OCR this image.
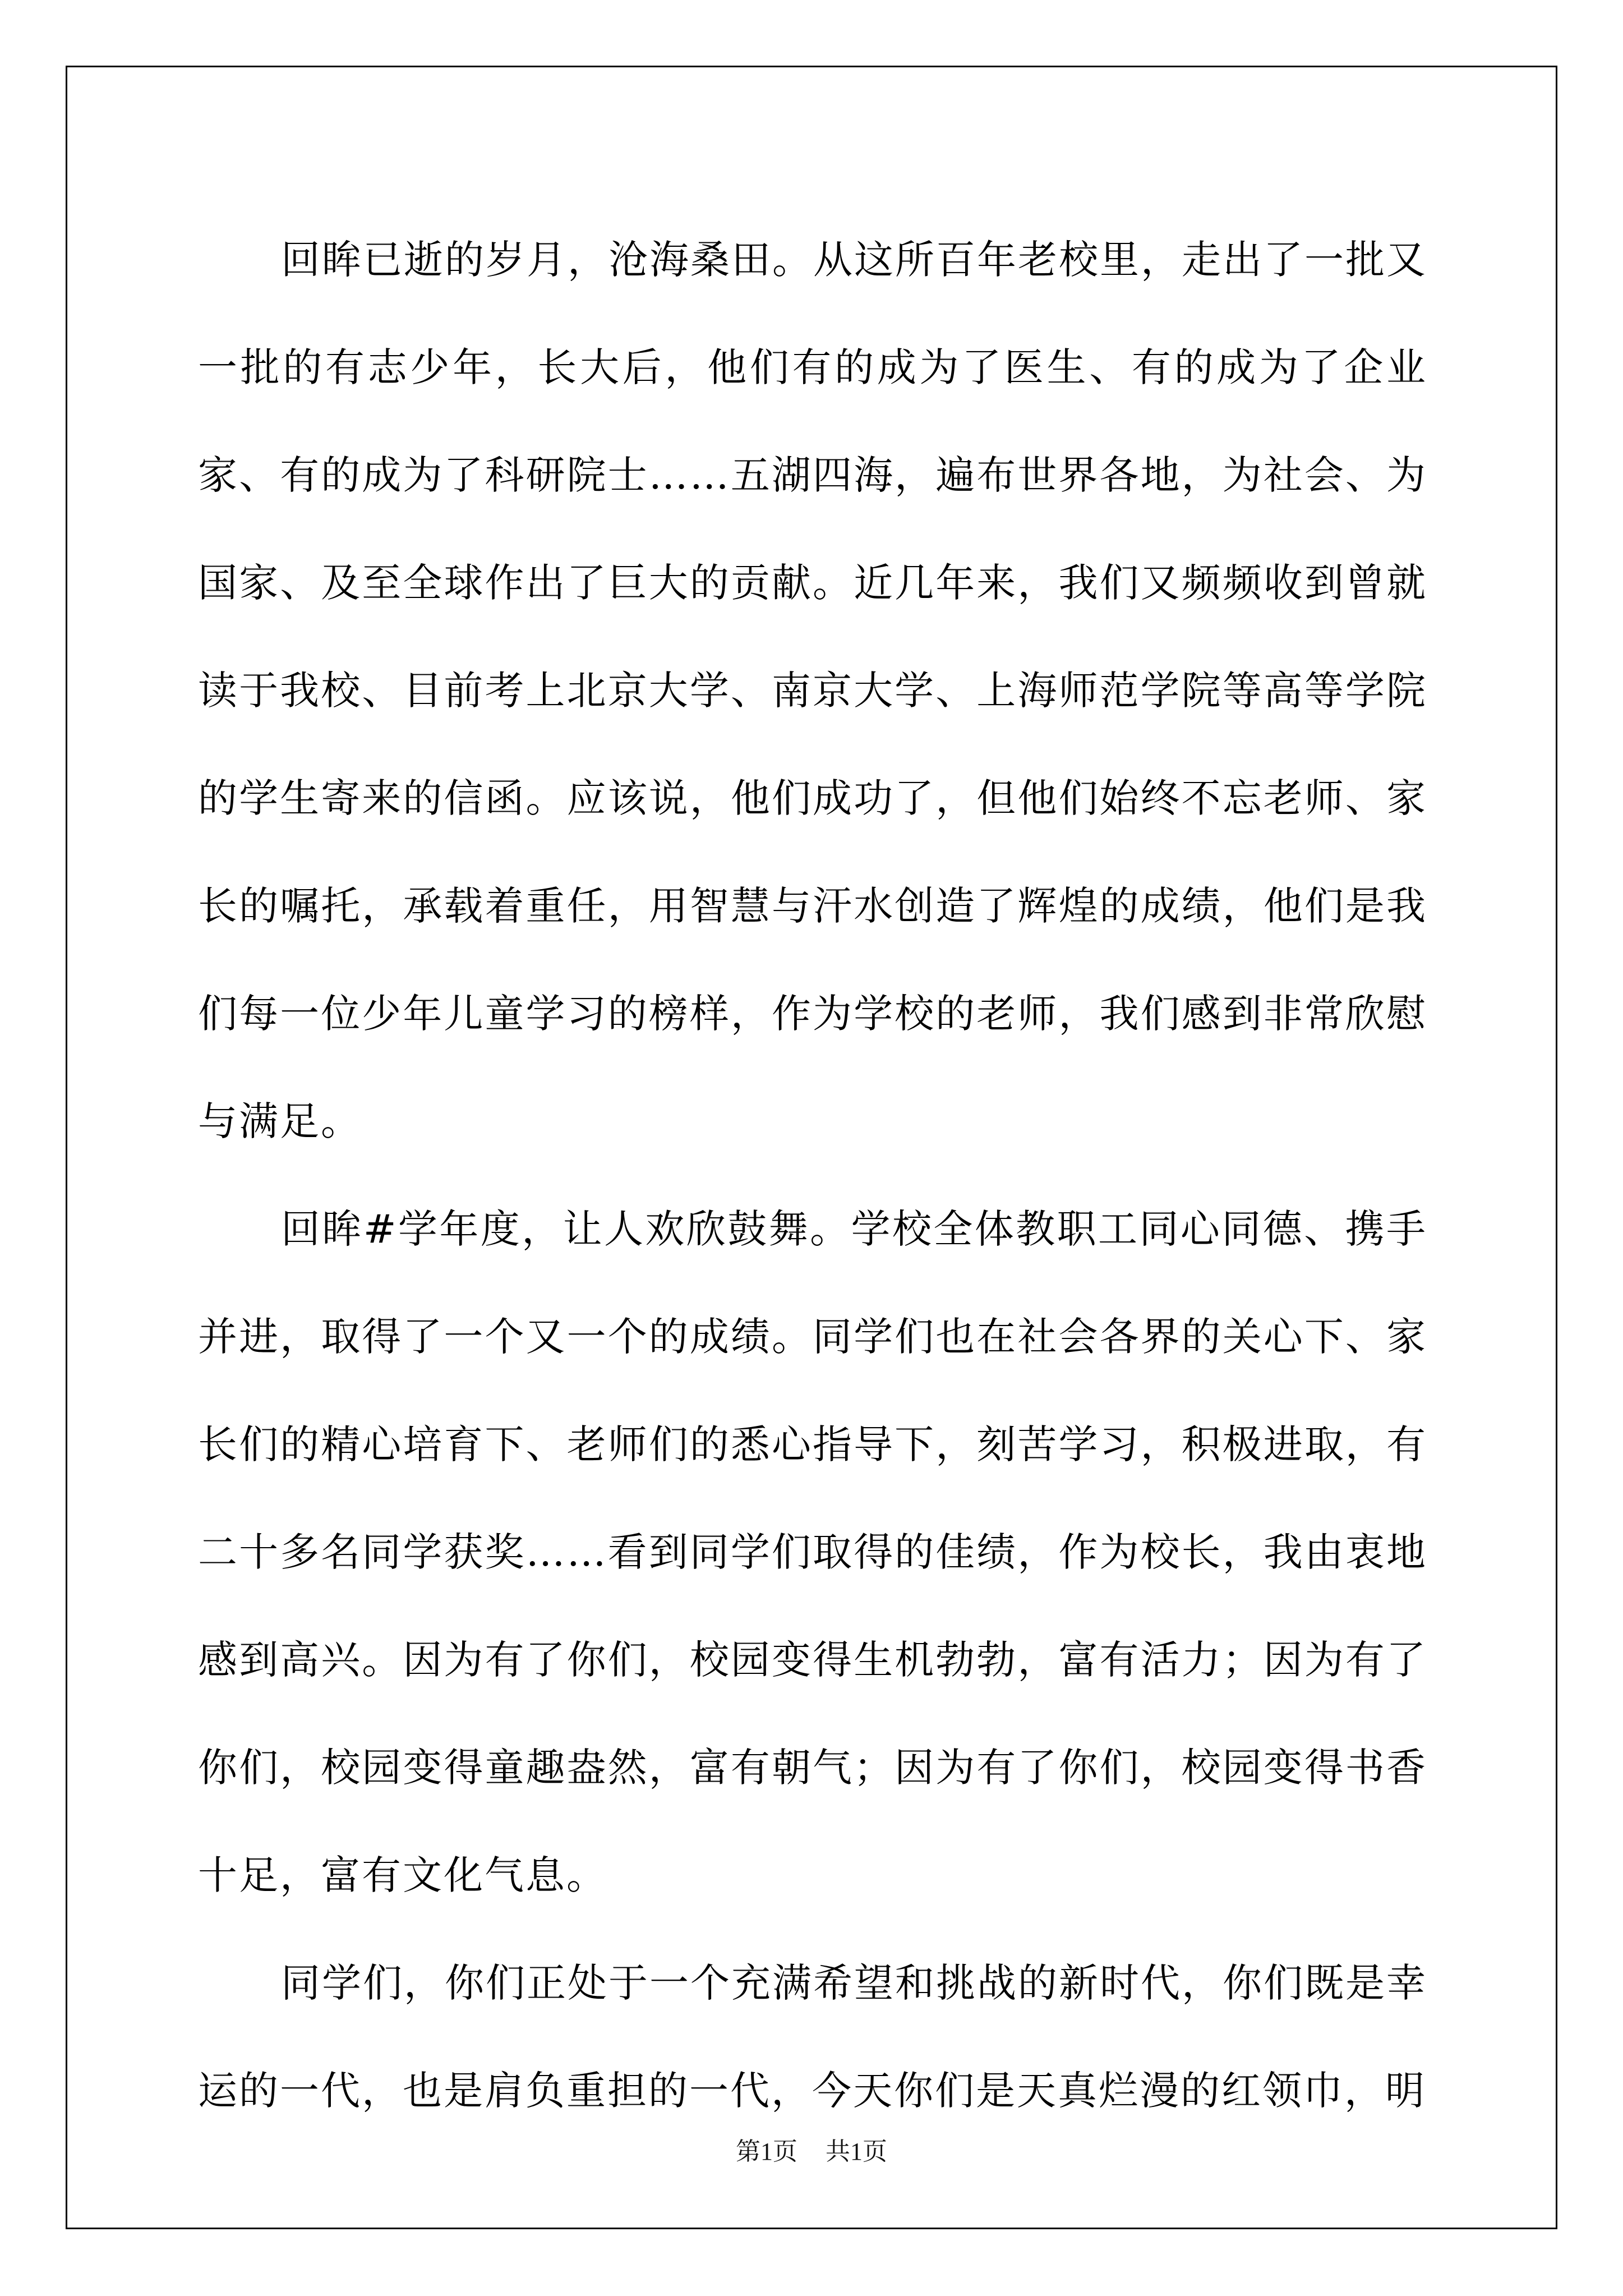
回眸已逝的岁月，沧海桑田。从这所百年老校里，走出了一批又一批的有志少年，长大后，他们有的成为了医生、有的成为了企业家、有的成为了科研院士……五湖四海，遍布世界各地，为社会、为国家、及至全球作出了巨大的贡献。近几年来，我们又频频收到曾就读于我校、目前考上北京大学、南京大学、上海师范学院等高等学院的学生寄来的信函。应该说，他们成功了，但他们始终不忘老师、家长的嘱托，承载着重任，用智慧与汗水创造了辉煌的成绩，他们是我们每一位少年儿童学习的榜样，作为学校的老师，我们感到非常欣慰与满足。

回眸#学年度，让人欢欣鼓舞。学校全体教职工同心同德、携手并进，取得了一个又一个的成绩。同学们也在社会各界的关心下、家长们的精心培育下、老师们的悉心指导下，刻苦学习，积极进取，有二十多名同学获奖……看到同学们取得的佳绩，作为校长，我由衷地感到高兴。因为有了你们，校园变得生机勃勃，富有活力；因为有了你们，校园变得童趣盎然，富有朝气；因为有了你们，校园变得书香十足，富有文化气息。

同学们，你们正处于一个充满希望和挑战的新时代，你们既是幸运的一代，也是肩负重担的一代，今天你们是天真烂漫的红领巾，明

第1页 共1页
